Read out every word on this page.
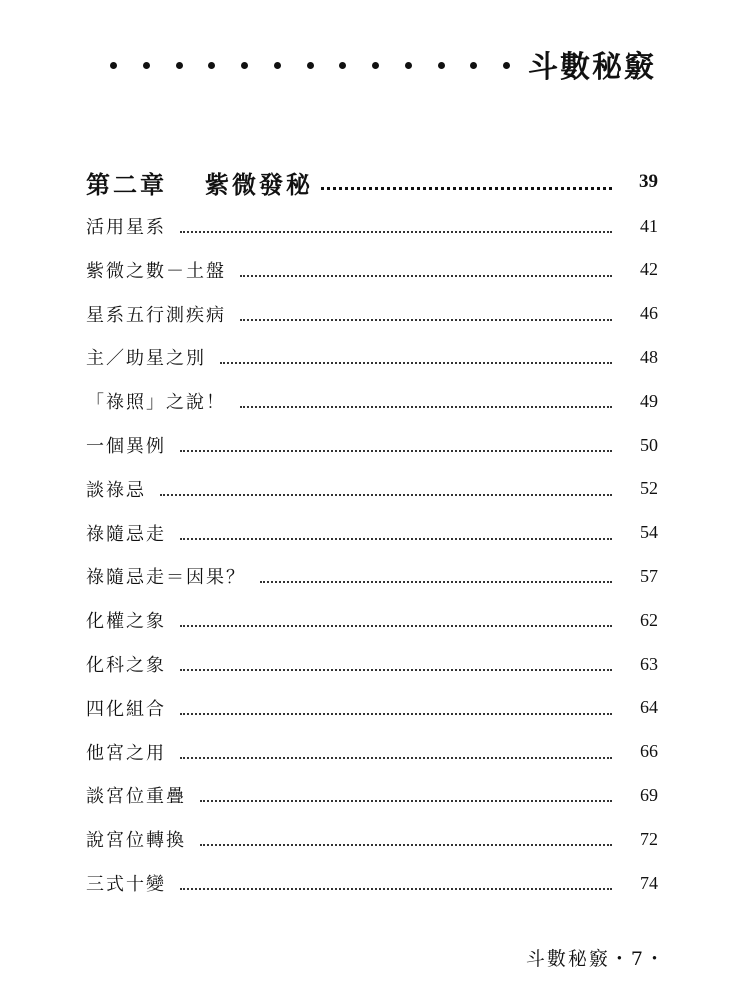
斗數秘竅
第二章 紫微發秘	39
活用星系	41
紫微之數－土盤	42
星系五行測疾病	46
主／助星之別	48
「祿照」之說！	49
一個異例	50
談祿忌	52
祿隨忌走	54
祿隨忌走＝因果？	57
化權之象	62
化科之象	63
四化組合	64
他宮之用	66
談宮位重疊	69
說宮位轉換	72
三式十變	74
斗數秘竅・7・
